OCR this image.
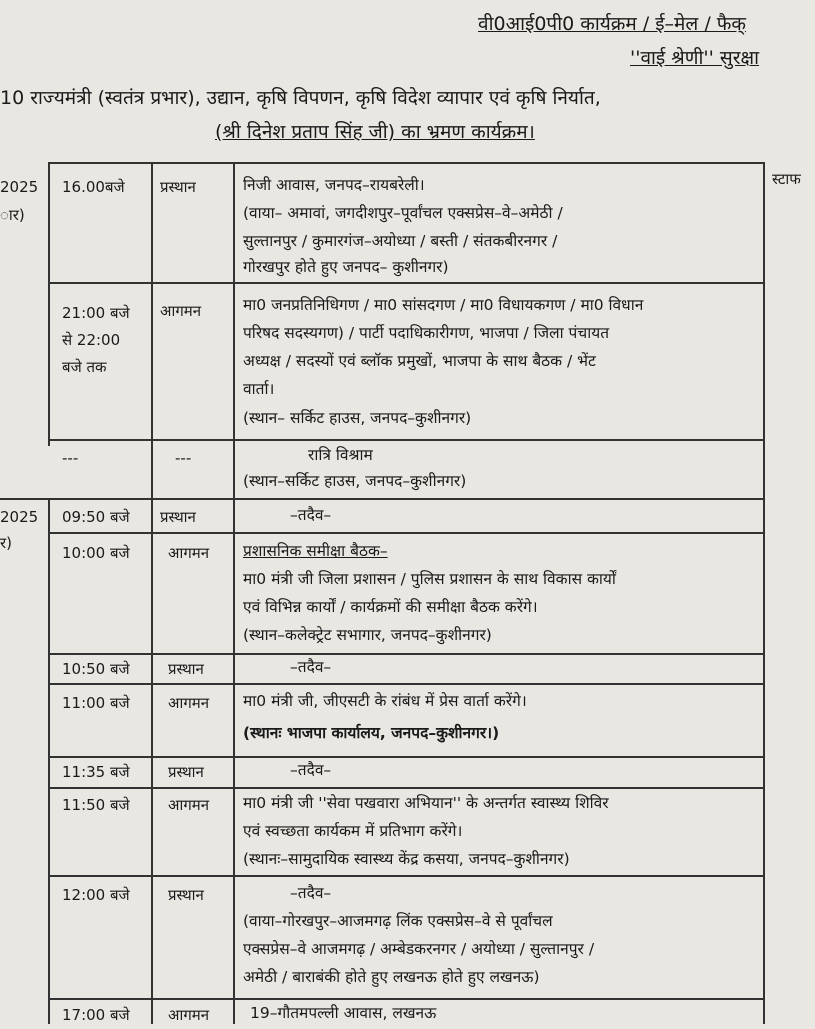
वी0आई0पी0 कार्यक्रम / ई–मेल / फैक्
''वाई श्रेणी'' सुरक्षा
10 राज्यमंत्री (स्वतंत्र प्रभार), उद्यान, कृषि विपणन, कृषि विदेश व्यापार एवं कृषि निर्यात,
(श्री दिनेश प्रताप सिंह जी) का भ्रमण कार्यक्रम।
2025
ार)
2025
र)
स्टाफ
16.00बजे प्रस्थान	निजी आवास, जनपद–रायबरेली।
(वाया– अमावां, जगदीशपुर–पूर्वांचल एक्सप्रेस–वे–अमेठी /
सुल्तानपुर / कुमारगंज–अयोध्या / बस्ती / संतकबीरनगर /
गोरखपुर होते हुए जनपद– कुशीनगर)
21:00 बजे
से 22:00
बजे तक
आगमन	मा0 जनप्रतिनिधिगण / मा0 सांसदगण / मा0 विधायकगण / मा0 विधान
परिषद सदस्यगण) / पार्टी पदाधिकारीगण, भाजपा / जिला पंचायत
अध्यक्ष / सदस्यों एवं ब्लॉक प्रमुखों, भाजपा के साथ बैठक / भेंट
वार्ता।
(स्थान– सर्किट हाउस, जनपद–कुशीनगर)
---	---	रात्रि विश्राम
(स्थान–सर्किट हाउस, जनपद–कुशीनगर)
09:50 बजे प्रस्थान	–तदैव–
10:00 बजे	आगमन प्रशासनिक समीक्षा बैठक–
मा0 मंत्री जी जिला प्रशासन / पुलिस प्रशासन के साथ विकास कार्यों
एवं विभिन्न कार्यों / कार्यक्रमों की समीक्षा बैठक करेंगे।
(स्थान–कलेक्ट्रेट सभागार, जनपद–कुशीनगर)
10:50 बजे	प्रस्थान	–तदैव–
11:00 बजे	आगमन मा0 मंत्री जी, जीएसटी के रांबंध में प्रेस वार्ता करेंगे।
(स्थानः भाजपा कार्यालय, जनपद–कुशीनगर।)
11:35 बजे	प्रस्थान	–तदैव–
11:50 बजे	आगमन मा0 मंत्री जी ''सेवा पखवारा अभियान'' के अन्तर्गत स्वास्थ्य शिविर
एवं स्वच्छता कार्यकम में प्रतिभाग करेंगे।
(स्थानः–सामुदायिक स्वास्थ्य केंद्र कसया, जनपद–कुशीनगर)
12:00 बजे	प्रस्थान	–तदैव–
(वाया–गोरखपुर–आजमगढ़ लिंक एक्सप्रेस–वे से पूर्वांचल
एक्सप्रेस–वे आजमगढ़ / अम्बेडकरनगर / अयोध्या / सुल्तानपुर /
अमेठी / बाराबंकी होते हुए लखनऊ होते हुए लखनऊ)
17:00 बजे	आगमन	19–गौतमपल्ली आवास, लखनऊ
